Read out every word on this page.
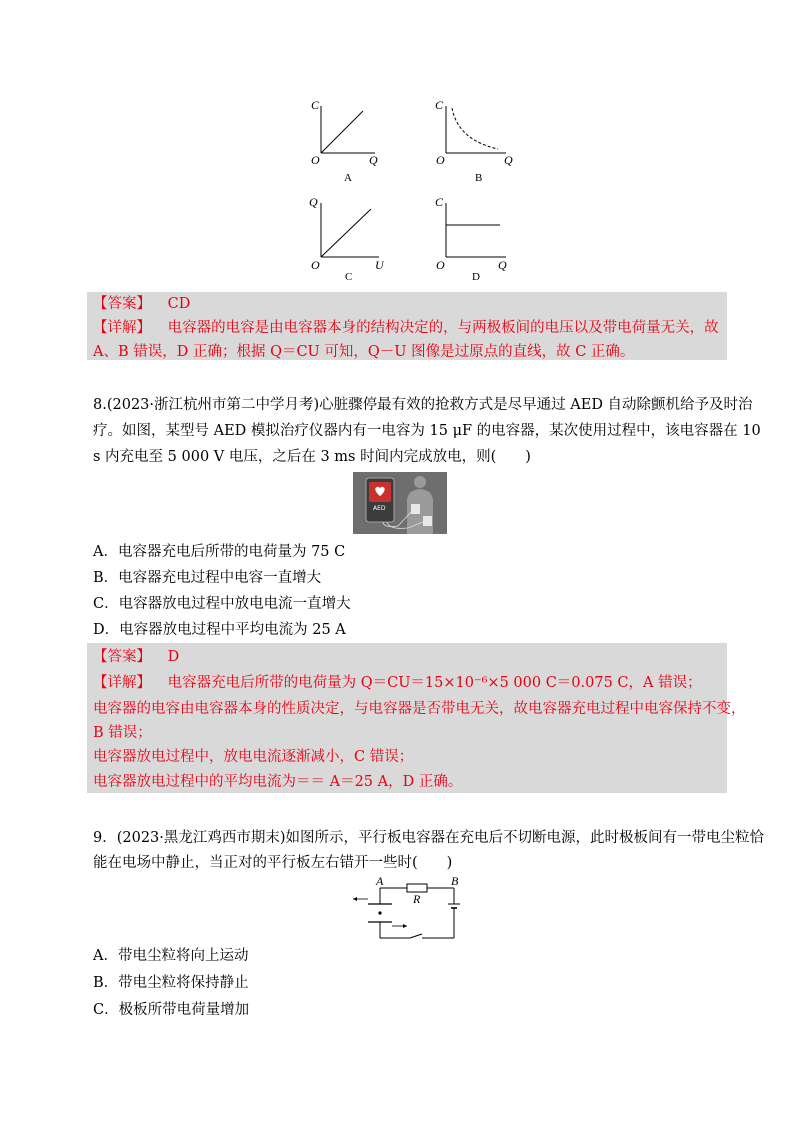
C
O	Q
A
C
O	Q
B
Q
O	U
C
C
O	Q
D
【答案】 CD
【详解】 电容器的电容是由电容器本身的结构决定的，与两极板间的电压以及带电荷量无关，故
A、B 错误，D 正确；根据 Q＝CU 可知，Q－U 图像是过原点的直线，故 C 正确。
8.(2023·浙江杭州市第二中学月考)心脏骤停最有效的抢救方式是尽早通过 AED 自动除颤机给予及时治
疗。如图，某型号 AED 模拟治疗仪器内有一电容为 15 μF 的电容器，某次使用过程中，该电容器在 10
s 内充电至 5 000 V 电压，之后在 3 ms 时间内完成放电，则(　　)
AED
A．电容器充电后所带的电荷量为 75 C
B．电容器充电过程中电容一直增大
C．电容器放电过程中放电电流一直增大
D．电容器放电过程中平均电流为 25 A
【答案】 D
【详解】 电容器充电后所带的电荷量为 Q＝CU＝15×10⁻⁶×5 000 C＝0.075 C，A 错误；
电容器的电容由电容器本身的性质决定，与电容器是否带电无关，故电容器充电过程中电容保持不变，
B 错误；
电容器放电过程中，放电电流逐渐减小，C 错误；
电容器放电过程中的平均电流为＝＝ A＝25 A，D 正确。
9．(2023·黑龙江鸡西市期末)如图所示，平行板电容器在充电后不切断电源，此时极板间有一带电尘粒恰
能在电场中静止，当正对的平行板左右错开一些时(　　)
A	B
R
A．带电尘粒将向上运动
B．带电尘粒将保持静止
C．极板所带电荷量增加
